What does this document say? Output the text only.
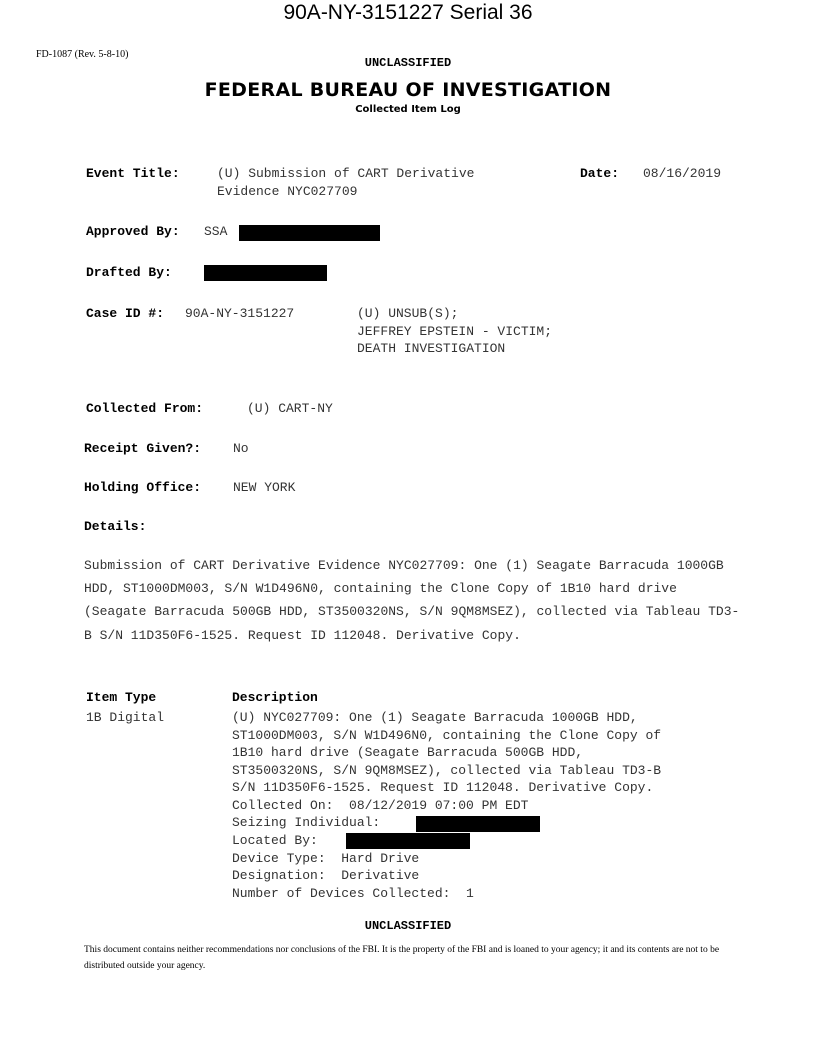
90A-NY-3151227 Serial 36
FD-1087 (Rev. 5-8-10)
UNCLASSIFIED
FEDERAL BUREAU OF INVESTIGATION
Collected Item Log
Event Title:	(U) Submission of CART Derivative
Evidence NYC027709
Date: 08/16/2019
Approved By: SSA
Drafted By:
Case ID #: 90A-NY-3151227	(U) UNSUB(S);
JEFFREY EPSTEIN - VICTIM;
DEATH INVESTIGATION
Collected From:	(U) CART-NY
Receipt Given?: No
Holding Office: NEW YORK
Details:
Submission of CART Derivative Evidence NYC027709: One (1) Seagate Barracuda 1000GB HDD, ST1000DM003, S/N W1D496N0, containing the Clone Copy of 1B10 hard drive (Seagate Barracuda 500GB HDD, ST3500320NS, S/N 9QM8MSEZ), collected via Tableau TD3-B S/N 11D350F6-1525. Request ID 112048. Derivative Copy.
Item Type	Description
1B Digital	(U) NYC027709: One (1) Seagate Barracuda 1000GB HDD,
ST1000DM003, S/N W1D496N0, containing the Clone Copy of
1B10 hard drive (Seagate Barracuda 500GB HDD,
ST3500320NS, S/N 9QM8MSEZ), collected via Tableau TD3-B
S/N 11D350F6-1525. Request ID 112048. Derivative Copy.
Collected On:  08/12/2019 07:00 PM EDT
Seizing Individual:
Located By:
Device Type:  Hard Drive
Designation:  Derivative
Number of Devices Collected:  1
UNCLASSIFIED
This document contains neither recommendations nor conclusions of the FBI. It is the property of the FBI and is loaned to your agency; it and its contents are not to be distributed outside your agency.
